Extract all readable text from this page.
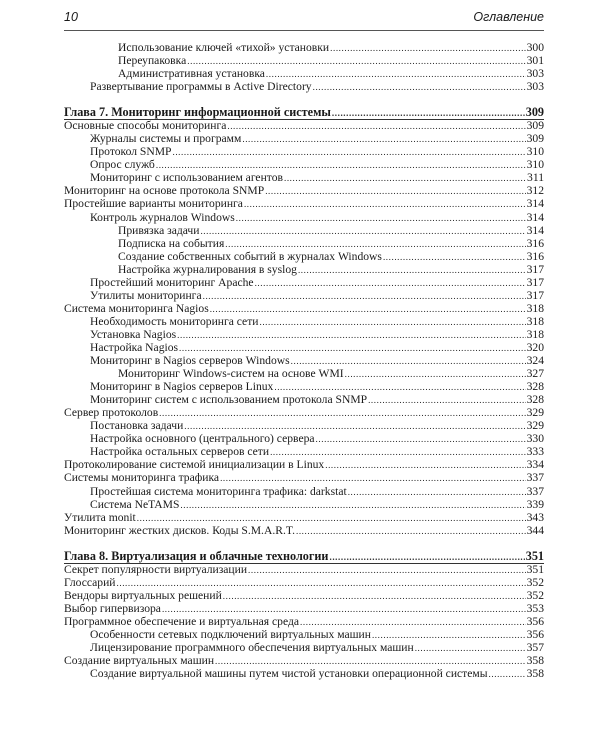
10	Оглавление
Использование ключей «тихой» установки .....	300
Переупаковка .....	301
Административная установка .....	303
Развертывание программы в Active Directory .....	303
Глава 7. Мониторинг информационной системы .....	309
Основные способы мониторинга .....	309
Журналы системы и программ .....	309
Протокол SNMP .....	310
Опрос служб .....	310
Мониторинг с использованием агентов .....	311
Мониторинг на основе протокола SNMP .....	312
Простейшие варианты мониторинга .....	314
Контроль журналов Windows .....	314
Привязка задачи .....	314
Подписка на события .....	316
Создание собственных событий в журналах Windows .....	316
Настройка журналирования в syslog .....	317
Простейший мониторинг Apache .....	317
Утилиты мониторинга .....	317
Система мониторинга Nagios .....	318
Необходимость мониторинга сети .....	318
Установка Nagios .....	318
Настройка Nagios .....	320
Мониторинг в Nagios серверов Windows .....	324
Мониторинг Windows-систем на основе WMI .....	327
Мониторинг в Nagios серверов Linux .....	328
Мониторинг систем с использованием протокола SNMP .....	328
Сервер протоколов .....	329
Постановка задачи .....	329
Настройка основного (центрального) сервера .....	330
Настройка остальных серверов сети .....	333
Протоколирование системой инициализации в Linux .....	334
Системы мониторинга трафика .....	337
Простейшая система мониторинга трафика: darkstat .....	337
Система NeTAMS .....	339
Утилита monit .....	343
Мониторинг жестких дисков. Коды S.M.A.R.T. .....	344
Глава 8. Виртуализация и облачные технологии .....	351
Секрет популярности виртуализации .....	351
Глоссарий .....	352
Вендоры виртуальных решений .....	352
Выбор гипервизора .....	353
Программное обеспечение и виртуальная среда .....	356
Особенности сетевых подключений виртуальных машин .....	356
Лицензирование программного обеспечения виртуальных машин .....	357
Создание виртуальных машин .....	358
Создание виртуальной машины путем чистой установки операционной системы .....	358
